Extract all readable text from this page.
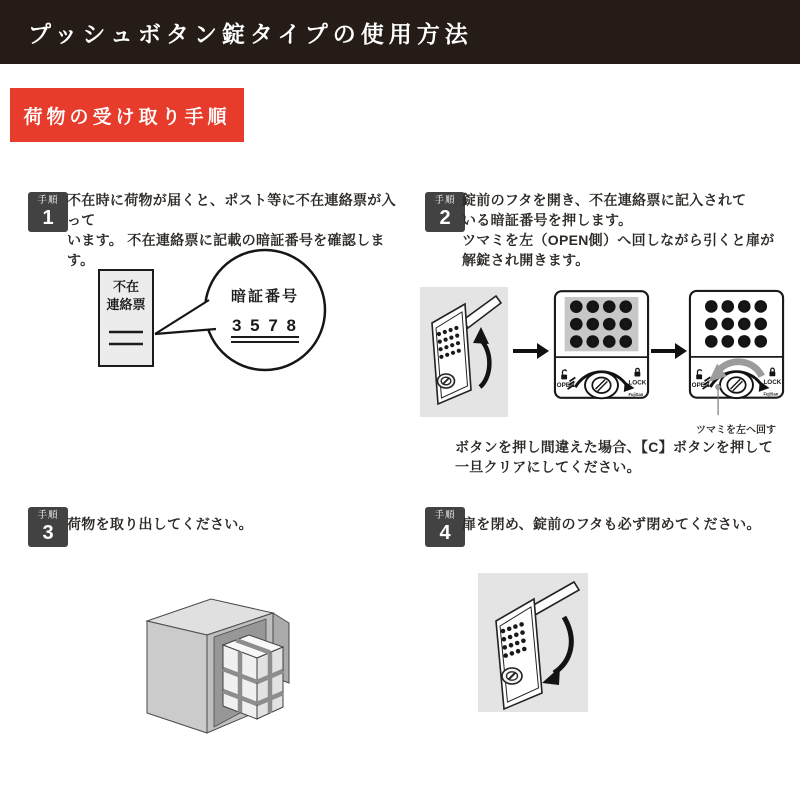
プッシュボタン錠タイプの使用方法
荷物の受け取り手順
手順
1
不在時に荷物が届くと、ポスト等に不在連絡票が入って
います。 不在連絡票に記載の暗証番号を確認します。
不在
連絡票	暗証番号
3 5 7 8
手順
2
錠前のフタを開き、不在連絡票に記入されて
いる暗証番号を押します。
ツマミを左（OPEN側）へ回しながら引くと扉が
解錠され開きます。
C 1 2 3
0 4 5 6
# 7 8 9
OPEN	LOCK
FujiSan
C 1 2 3
0 4 5 6
# 7 8 9
OPEN	LOCK
FujiSan
ツマミを左へ回す
ボタンを押し間違えた場合、【C】ボタンを押して
一旦クリアにしてください。
手順
3 荷物を取り出してください。
手順
4 扉を閉め、錠前のフタも必ず閉めてください。
